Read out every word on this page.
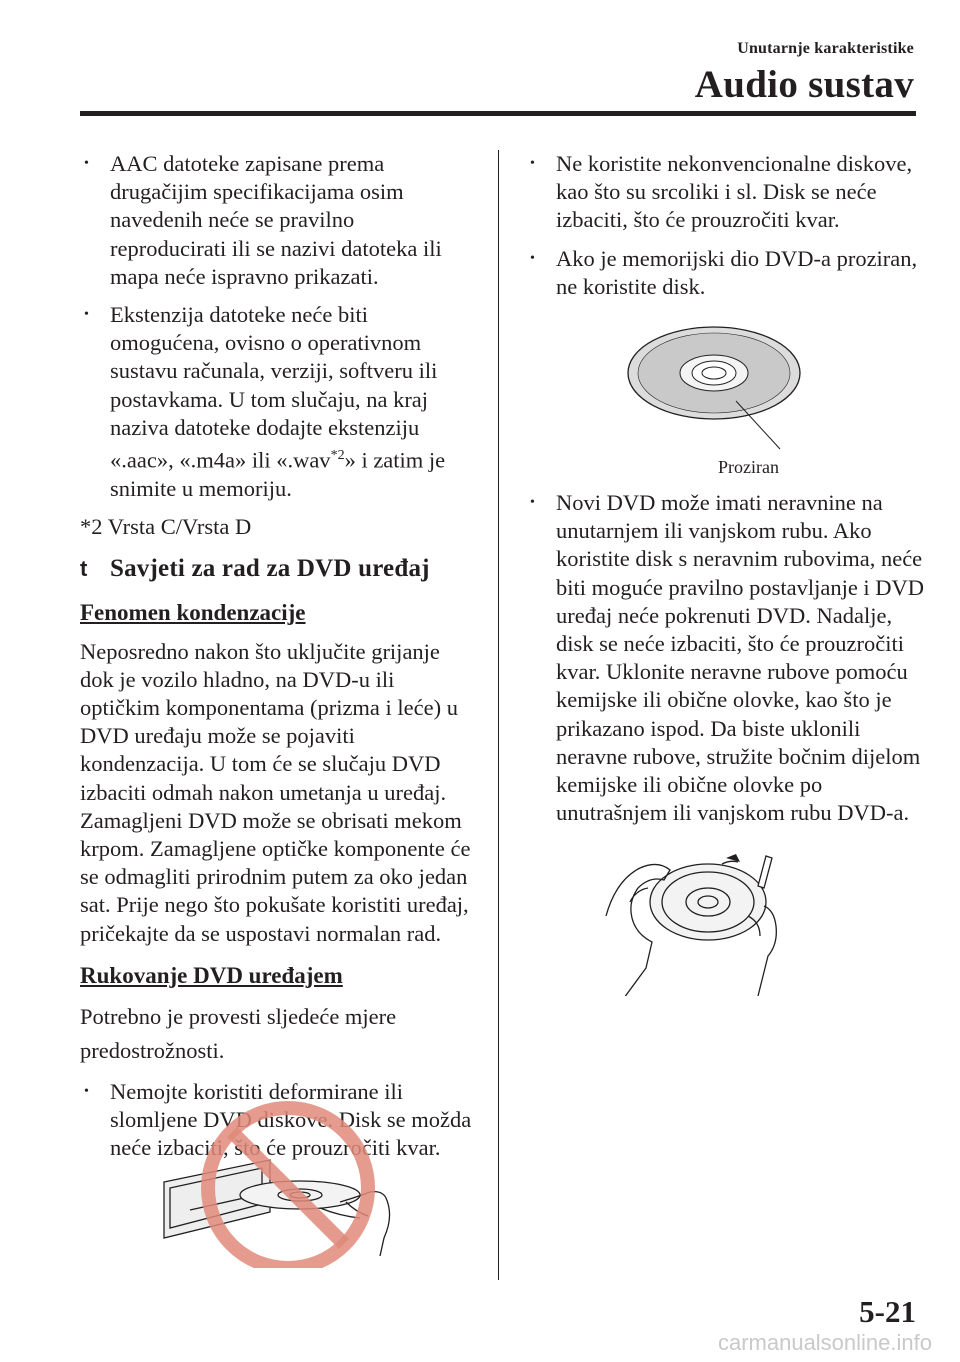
Unutarnje karakteristike
Audio sustav
• AAC datoteke zapisane prema drugačijim specifikacijama osim navedenih neće se pravilno reproducirati ili se nazivi datoteka ili mapa neće ispravno prikazati.
• Ekstenzija datoteke neće biti omogućena, ovisno o operativnom sustavu računala, verziji, softveru ili postavkama. U tom slučaju, na kraj naziva datoteke dodajte ekstenziju «.aac», «.m4a» ili «.wav$^{*2}$» i zatim je snimite u memoriju.
*2 Vrsta C/Vrsta D
t Savjeti za rad za DVD uređaj
Fenomen kondenzacije
Neposredno nakon što uključite grijanje dok je vozilo hladno, na DVD-u ili optičkim komponentama (prizma i leće) u DVD uređaju može se pojaviti kondenzacija. U tom će se slučaju DVD izbaciti odmah nakon umetanja u uređaj. Zamagljeni DVD može se obrisati mekom krpom. Zamagljene optičke komponente će se odmagliti prirodnim putem za oko jedan sat. Prije nego što pokušate koristiti uređaj, pričekajte da se uspostavi normalan rad.
Rukovanje DVD uređajem
Potrebno je provesti sljedeće mjere predostrožnosti.
• Nemojte koristiti deformirane ili slomljene DVD diskove. Disk se možda neće izbaciti, što će prouzročiti kvar.
• Ne koristite nekonvencionalne diskove, kao što su srcoliki i sl. Disk se neće izbaciti, što će prouzročiti kvar.
• Ako je memorijski dio DVD-a proziran, ne koristite disk.
Proziran
• Novi DVD može imati neravnine na unutarnjem ili vanjskom rubu. Ako koristite disk s neravnim rubovima, neće biti moguće pravilno postavljanje i DVD uređaj neće pokrenuti DVD. Nadalje, disk se neće izbaciti, što će prouzročiti kvar. Uklonite neravne rubove pomoću kemijske ili obične olovke, kao što je prikazano ispod. Da biste uklonili neravne rubove, stružite bočnim dijelom kemijske ili obične olovke po unutrašnjem ili vanjskom rubu DVD-a.
5-21
carmanualsonline.info
